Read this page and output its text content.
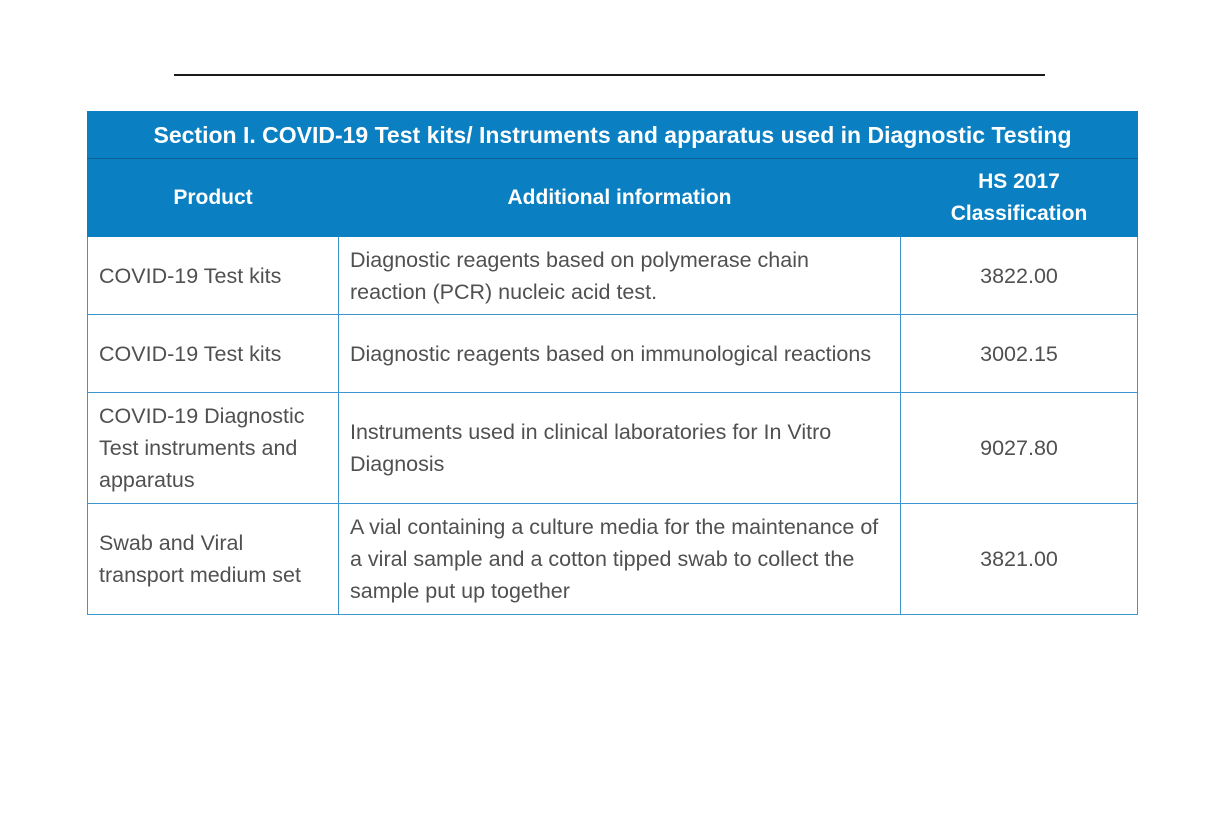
Section I. COVID-19 Test kits/ Instruments and apparatus used in Diagnostic Testing		
Product	Additional information	HS 2017 Classification
COVID-19 Test kits	Diagnostic reagents based on polymerase chain reaction (PCR) nucleic acid test.	3822.00
COVID-19 Test kits	Diagnostic reagents based on immunological reactions	3002.15
COVID-19 Diagnostic Test instruments and apparatus	Instruments used in clinical laboratories for In Vitro Diagnosis	9027.80
Swab and Viral transport medium set	A vial containing a culture media for the maintenance of a viral sample and a cotton tipped swab to collect the sample put up together	3821.00
